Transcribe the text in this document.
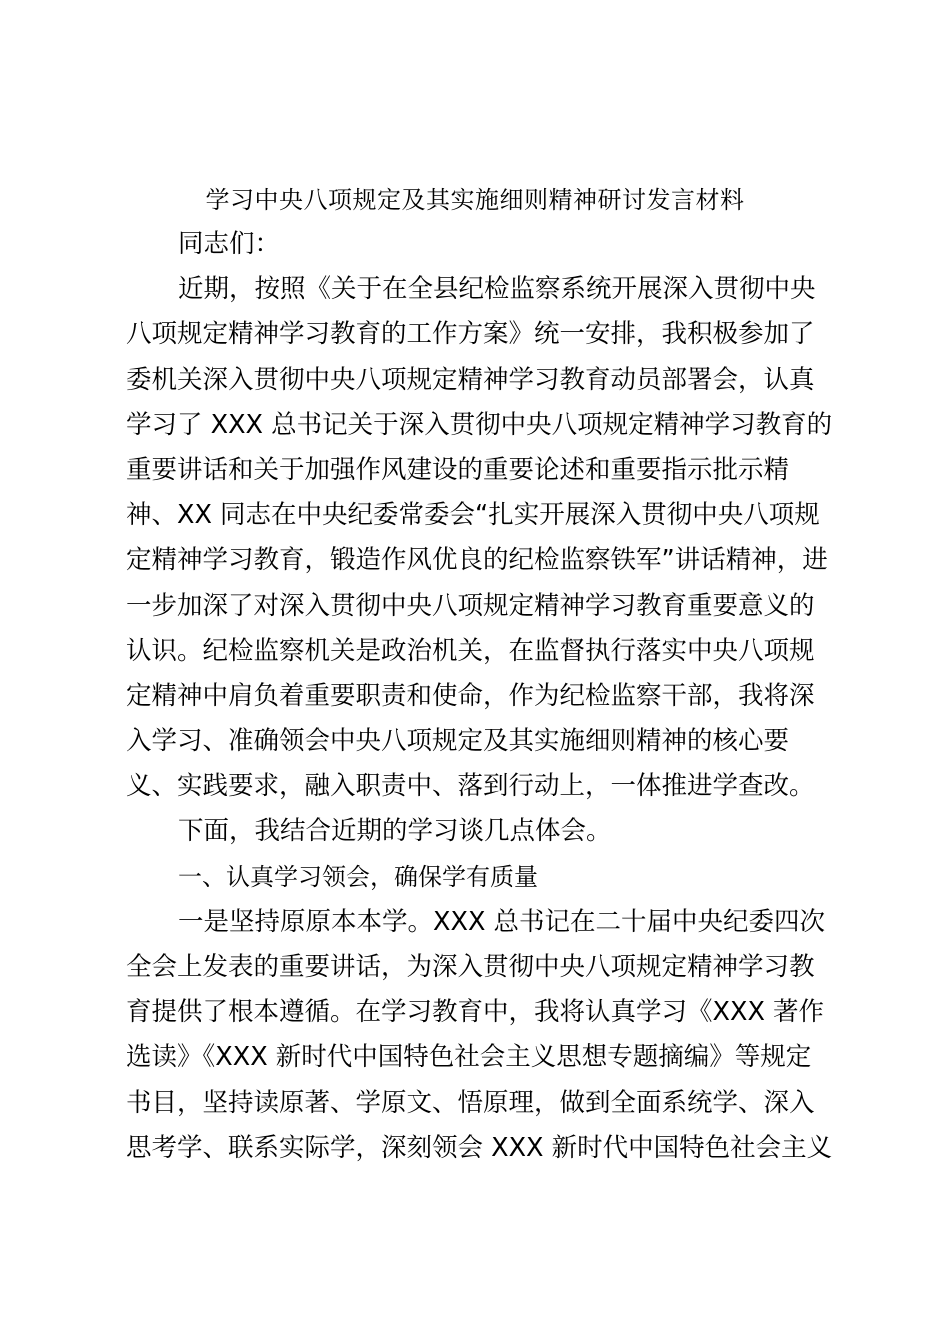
学习中央八项规定及其实施细则精神研讨发言材料
同志们：
近期，按照《关于在全县纪检监察系统开展深入贯彻中央
八项规定精神学习教育的工作方案》统一安排，我积极参加了
委机关深入贯彻中央八项规定精神学习教育动员部署会，认真
学习了 XXX 总书记关于深入贯彻中央八项规定精神学习教育的
重要讲话和关于加强作风建设的重要论述和重要指示批示精
神、XX 同志在中央纪委常委会“扎实开展深入贯彻中央八项规
定精神学习教育，锻造作风优良的纪检监察铁军”讲话精神，进
一步加深了对深入贯彻中央八项规定精神学习教育重要意义的
认识。纪检监察机关是政治机关，在监督执行落实中央八项规
定精神中肩负着重要职责和使命，作为纪检监察干部，我将深
入学习、准确领会中央八项规定及其实施细则精神的核心要
义、实践要求，融入职责中、落到行动上，一体推进学查改。
下面，我结合近期的学习谈几点体会。
一、认真学习领会，确保学有质量
一是坚持原原本本学。XXX 总书记在二十届中央纪委四次
全会上发表的重要讲话，为深入贯彻中央八项规定精神学习教
育提供了根本遵循。在学习教育中，我将认真学习《XXX 著作
选读》《XXX 新时代中国特色社会主义思想专题摘编》等规定
书目，坚持读原著、学原文、悟原理，做到全面系统学、深入
思考学、联系实际学，深刻领会 XXX 新时代中国特色社会主义
